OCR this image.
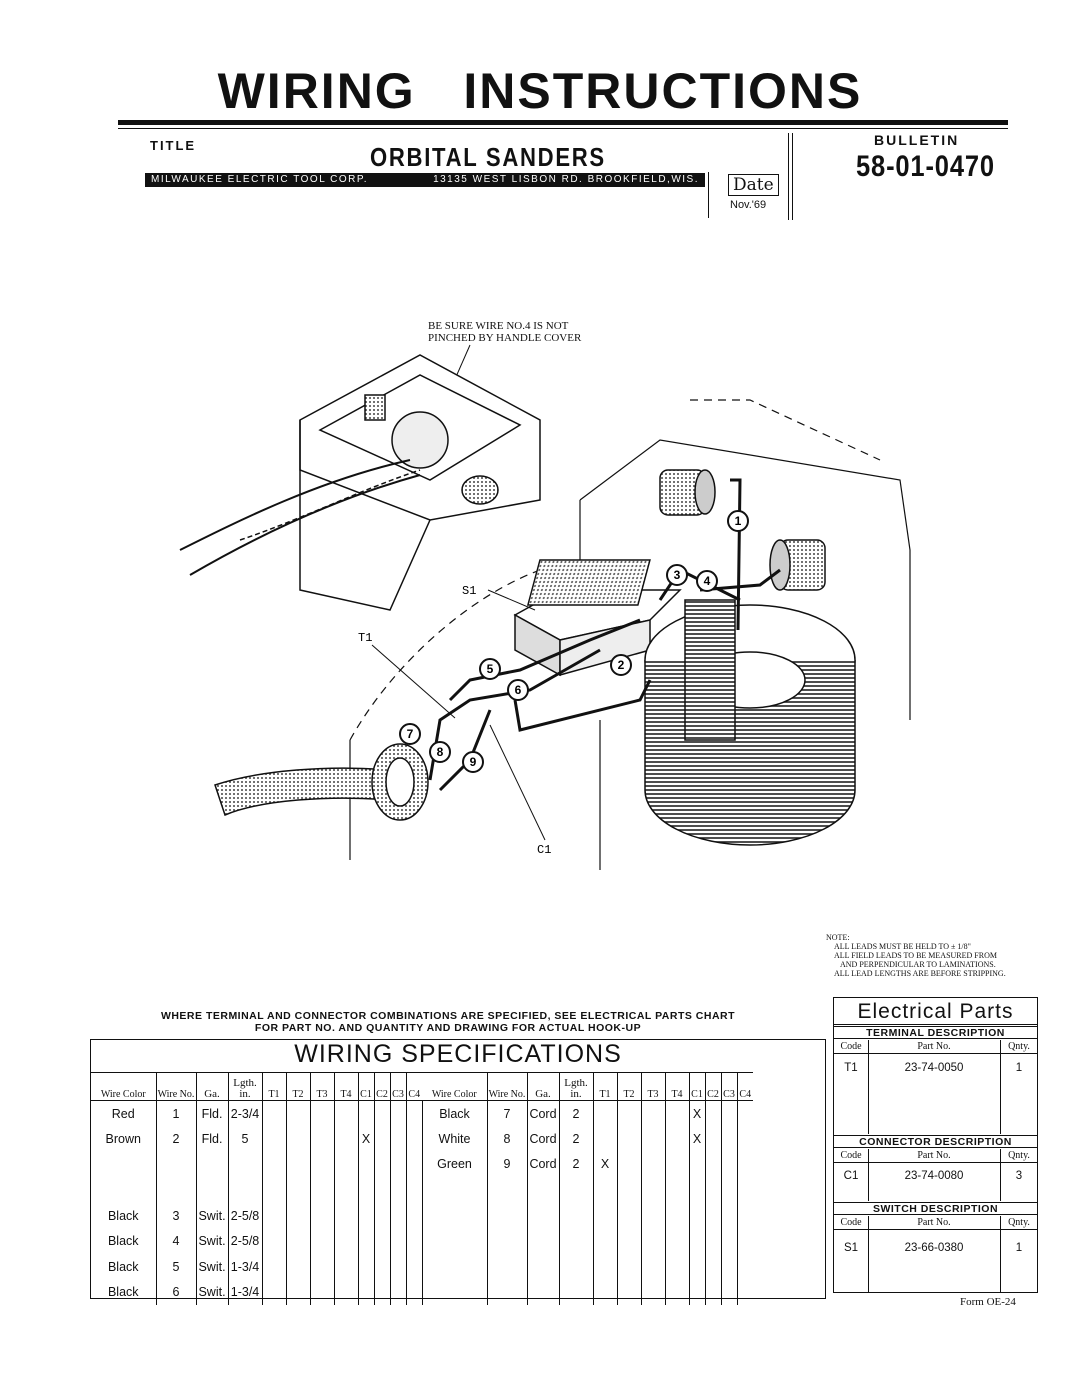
WIRING   INSTRUCTIONS
TITLE	ORBITAL SANDERS
MILWAUKEE ELECTRIC TOOL CORP.	13135 WEST LISBON RD. BROOKFIELD,WIS. Date
Nov.'69
BULLETIN
58-01-0470
BE SURE WIRE NO.4 IS NOT
PINCHED BY HANDLE COVER
S1
T1
C1
1
2
3 4
5
6
7
8
9
NOTE:
ALL LEADS MUST BE HELD TO ± 1/8"
ALL FIELD LEADS TO BE MEASURED FROM
AND PERPENDICULAR TO LAMINATIONS.
ALL LEAD LENGTHS ARE BEFORE STRIPPING.
WHERE TERMINAL AND CONNECTOR COMBINATIONS ARE SPECIFIED, SEE ELECTRICAL PARTS CHART
FOR PART NO. AND QUANTITY AND DRAWING FOR ACTUAL HOOK-UP
WIRING SPECIFICATIONS
Wire Color	Wire No.	Ga.	Lgth. in.	T1	T2	T3	T4	C1	C2	C3	C4	Wire Color	Wire No.	Ga.	Lgth. in.	T1	T2	T3	T4	C1	C2	C3	C4
Red	1	Fld.	2-3/4									Black	7	Cord	2					X			
Brown	2	Fld.	5					X				White	8	Cord	2					X			
												Green	9	Cord	2	X							

Black	3	Swit.	2-5/8																				
Black	4	Swit.	2-5/8																				
Black	5	Swit.	1-3/4																				
Black	6	Swit.	1-3/4																				
Electrical Parts
TERMINAL DESCRIPTION
Code	Part No.	Qnty.
T1	23-74-0050	1
CONNECTOR DESCRIPTION
Code	Part No.	Qnty.
C1	23-74-0080	3
SWITCH DESCRIPTION
Code	Part No.	Qnty.
S1	23-66-0380	1
Form OE-24
